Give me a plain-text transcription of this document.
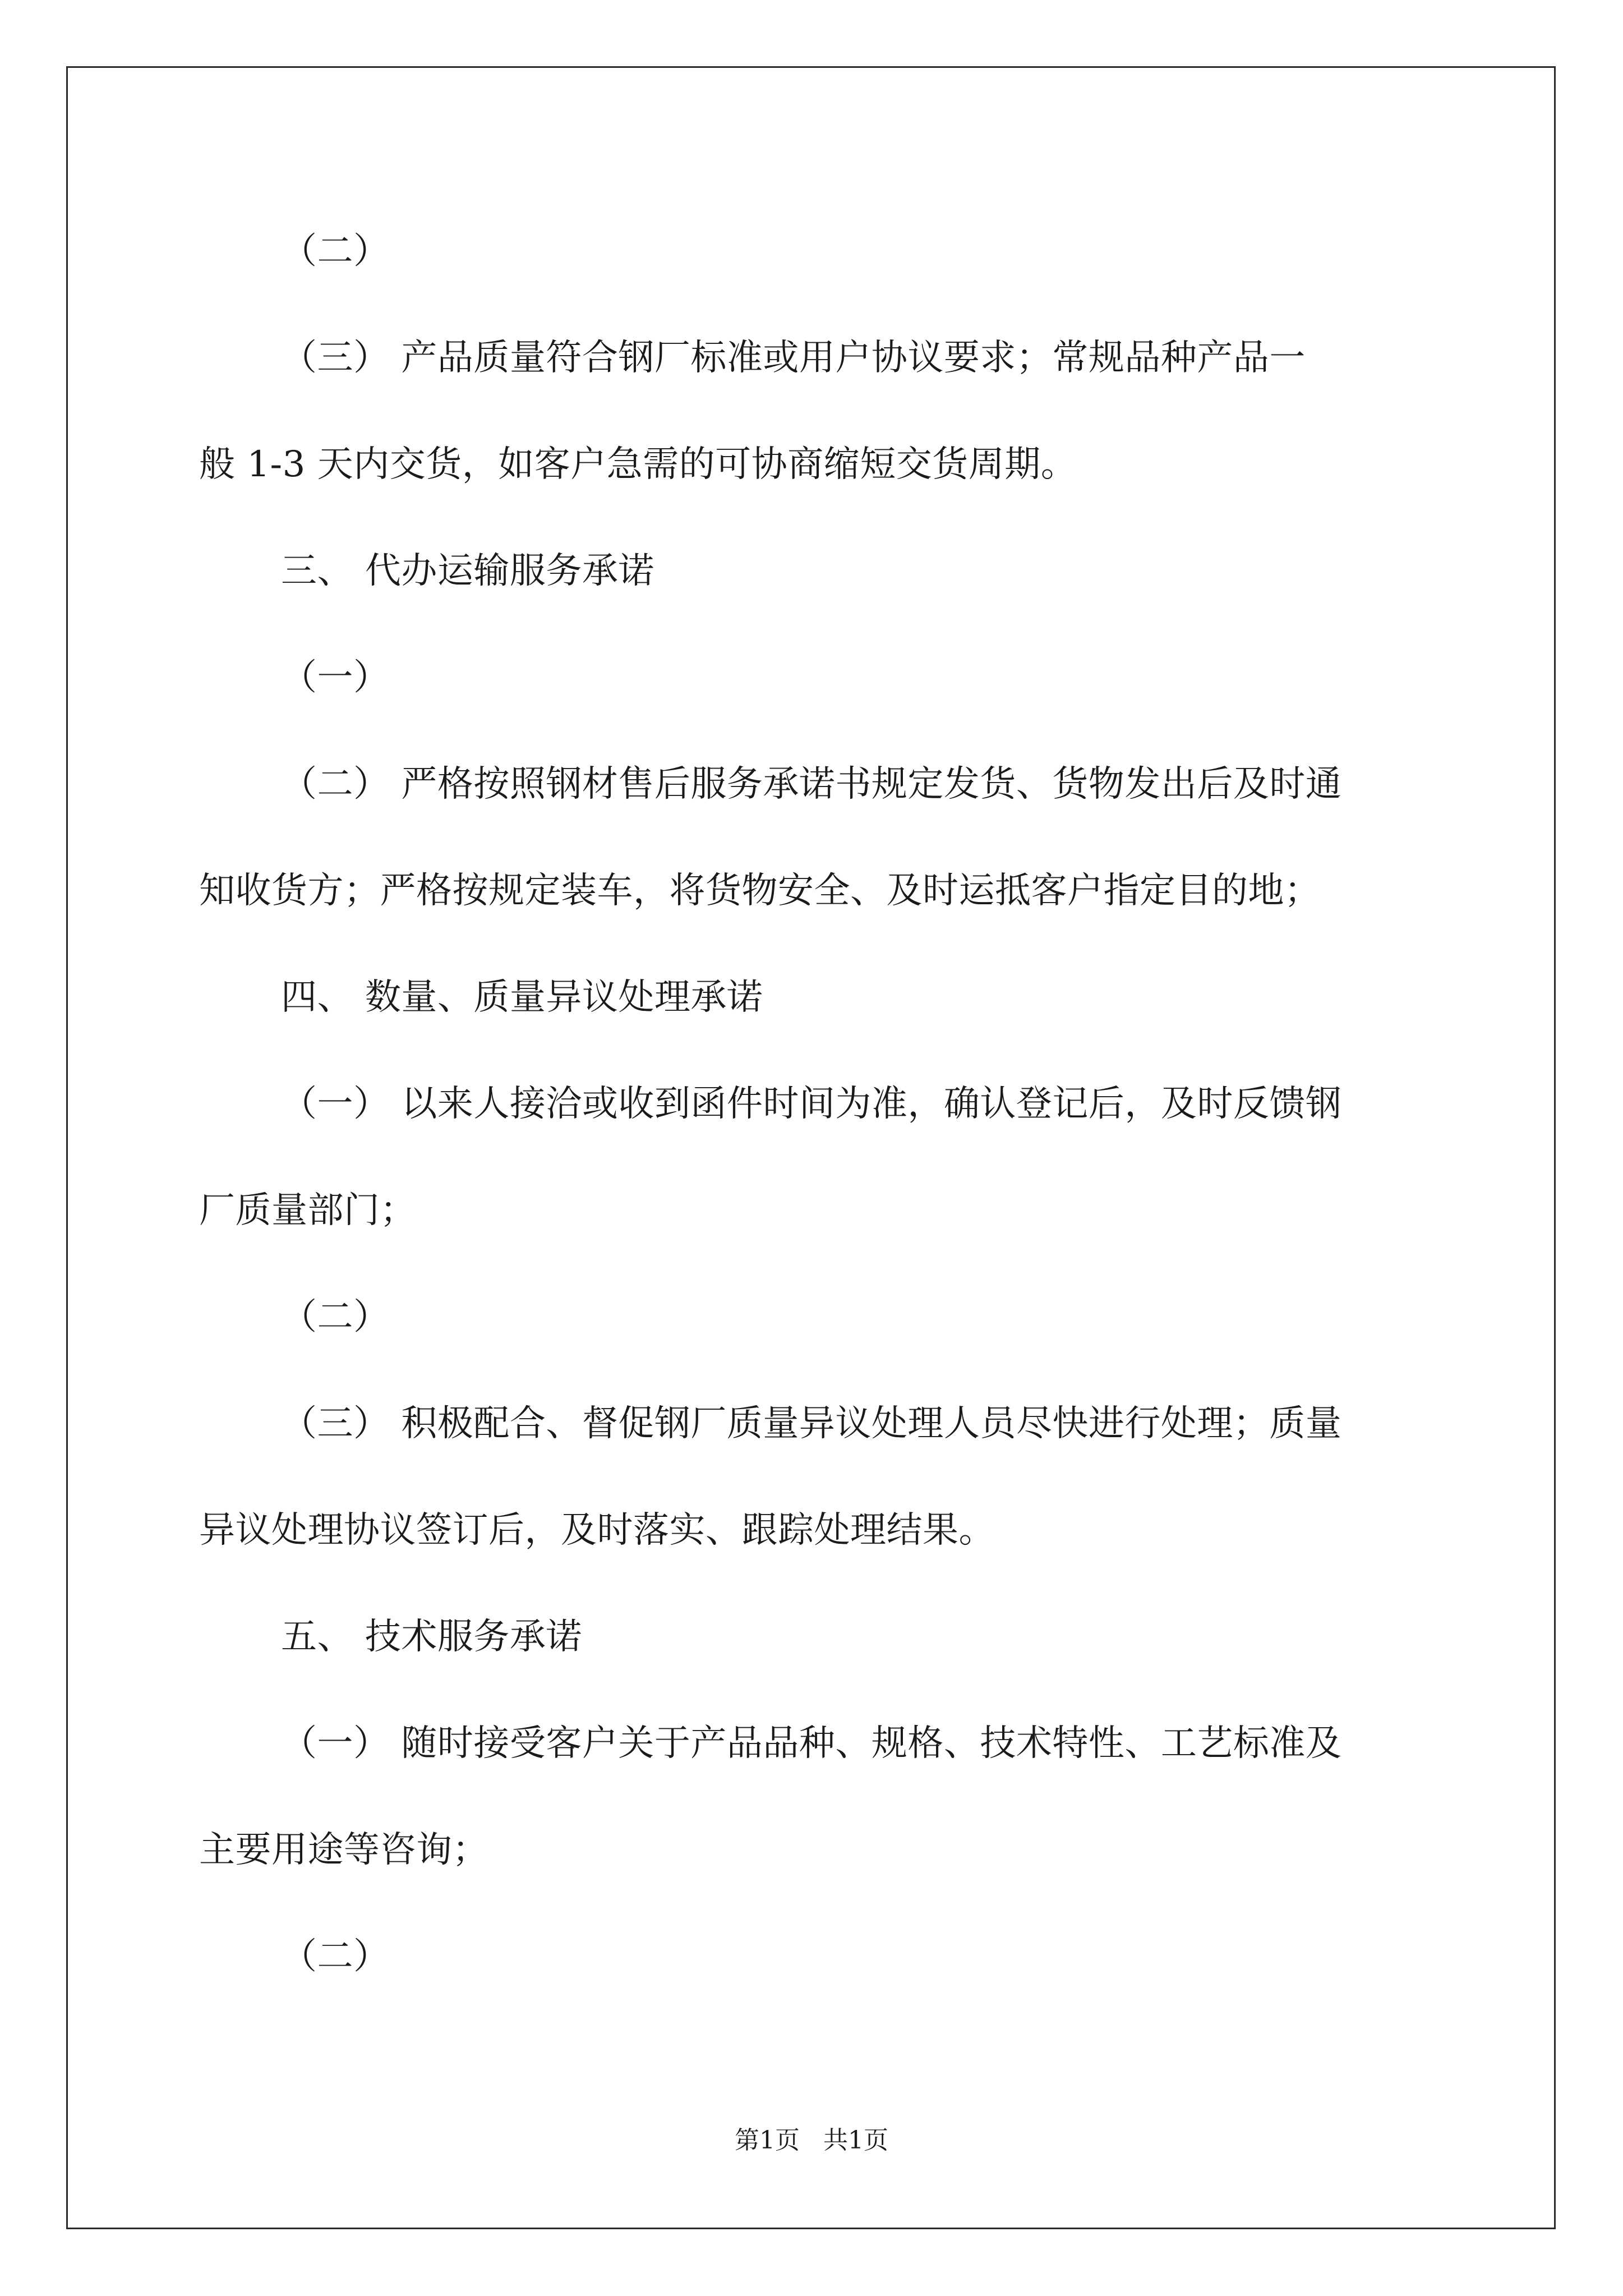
（二）
（三） 产品质量符合钢厂标准或用户协议要求；常规品种产品一
般 1-3 天内交货，如客户急需的可协商缩短交货周期。
三、 代办运输服务承诺
（一）
（二） 严格按照钢材售后服务承诺书规定发货、货物发出后及时通
知收货方；严格按规定装车，将货物安全、及时运抵客户指定目的地；
四、 数量、质量异议处理承诺
（一） 以来人接洽或收到函件时间为准，确认登记后，及时反馈钢
厂质量部门；
（二）
（三） 积极配合、督促钢厂质量异议处理人员尽快进行处理；质量
异议处理协议签订后，及时落实、跟踪处理结果。
五、 技术服务承诺
（一） 随时接受客户关于产品品种、规格、技术特性、工艺标准及
主要用途等咨询；
（二）
第1页 共1页
